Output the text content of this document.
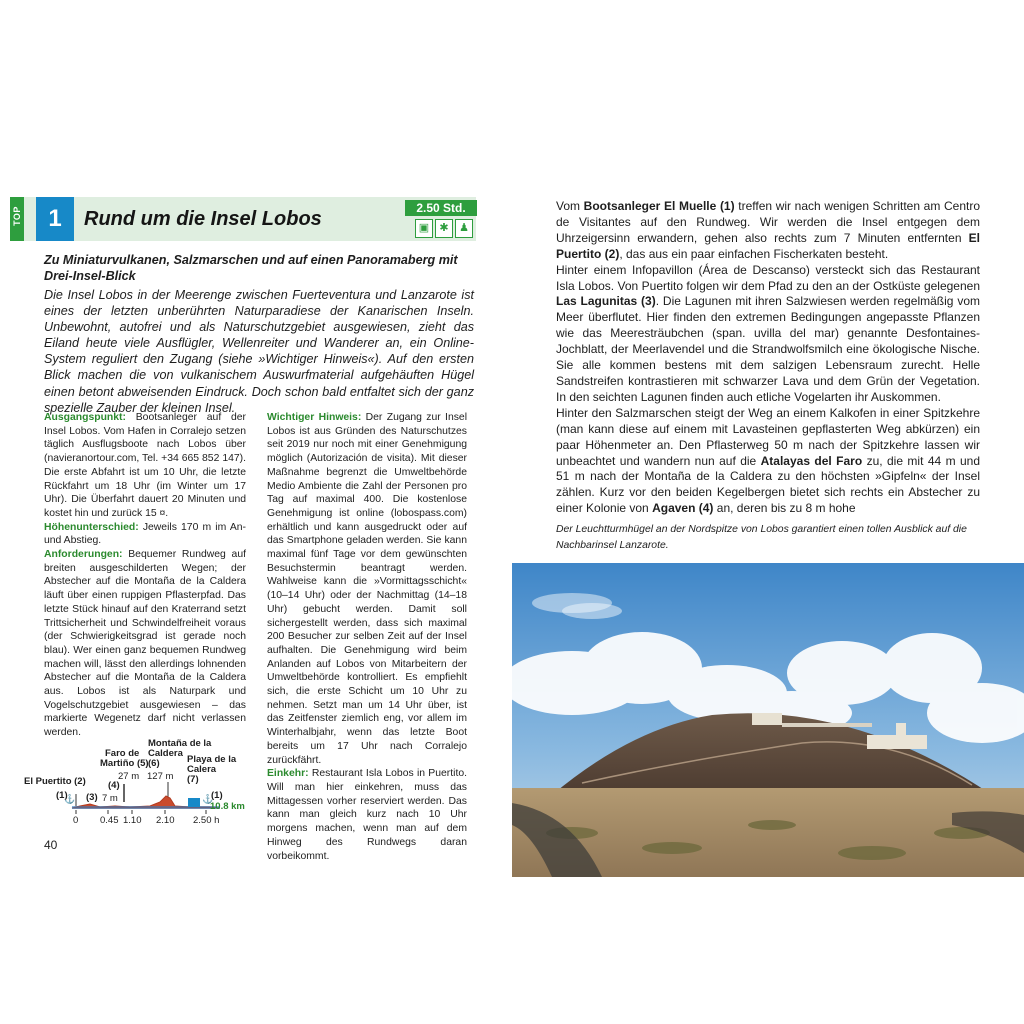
TOP	1	Rund um die Insel Lobos	2.50 Std.
▣ ✱ ♟
Zu Miniaturvulkanen, Salzmarschen und auf einen Panoramaberg mit Drei-Insel-Blick
Die Insel Lobos in der Meerenge zwischen Fuerteventura und Lanzarote ist eines der letzten unberührten Naturparadiese der Kanarischen Inseln. Unbewohnt, autofrei und als Naturschutzgebiet ausgewiesen, zieht das Eiland heute viele Ausflügler, Wellenreiter und Wanderer an, ein Online-System reguliert den Zugang (siehe »Wichtiger Hinweis«). Auf den ersten Blick machen die von vulkanischem Auswurfmaterial aufgehäuften Hügel einen betont abweisenden Eindruck. Doch schon bald entfaltet sich der ganz spezielle Zauber der kleinen Insel.

Ausgangspunkt: Bootsanleger auf der Insel Lobos. Vom Hafen in Corralejo setzen täglich Ausflugsboote nach Lobos über (navieranortour.com, Tel. +34 665 852 147). Die erste Abfahrt ist um 10 Uhr, die letzte Rückfahrt um 18 Uhr (im Winter um 17 Uhr). Die Überfahrt dauert 20 Minuten und kostet hin und zurück 15 ¤.

Höhenunterschied: Jeweils 170 m im An- und Abstieg.

Anforderungen: Bequemer Rundweg auf breiten ausgeschilderten Wegen; der Abstecher auf die Montaña de la Caldera läuft über einen ruppigen Pflasterpfad. Das letzte Stück hinauf auf den Kraterrand setzt Trittsicherheit und Schwindelfreiheit voraus (der Schwierigkeitsgrad ist gerade noch blau). Wer einen ganz bequemen Rundweg machen will, lässt den allerdings lohnenden Abstecher auf die Montaña de la Caldera aus. Lobos ist als Naturpark und Vogelschutzgebiet ausgewiesen – das markierte Wegenetz darf nicht verlassen werden.

Wichtiger Hinweis: Der Zugang zur Insel Lobos ist aus Gründen des Naturschutzes seit 2019 nur noch mit einer Genehmigung möglich (Autorización de visita). Mit dieser Maßnahme begrenzt die Umweltbehörde Medio Ambiente die Zahl der Personen pro Tag auf maximal 400. Die kostenlose Genehmigung ist online (lobospass.com) erhältlich und kann ausgedruckt oder auf das Smartphone geladen werden. Sie kann maximal fünf Tage vor dem gewünschten Besuchstermin beantragt werden. Wahlweise kann die »Vormittagsschicht« (10–14 Uhr) oder der Nachmittag (14–18 Uhr) gebucht werden. Damit soll sichergestellt werden, dass sich maximal 200 Besucher zur selben Zeit auf der Insel aufhalten. Die Genehmigung wird beim Anlanden auf Lobos von Mitarbeitern der Umweltbehörde kontrolliert. Es empfiehlt sich, die erste Schicht um 10 Uhr zu nehmen. Setzt man um 14 Uhr über, ist das Zeitfenster ziemlich eng, vor allem im Winterhalbjahr, wenn das letzte Boot bereits um 17 Uhr nach Corralejo zurückfährt.

Einkehr: Restaurant Isla Lobos in Puertito. Will man hier einkehren, muss das Mittagessen vorher reserviert werden. Das kann man gleich kurz nach 10 Uhr morgens machen, wenn man auf dem Hinweg des Rundwegs daran vorbeikommt.

Montaña de la
Caldera
(6)
Faro de
Martiño (5)	Playa de la
Calera
(7)
(4)
El Puertito (2)
(1) (3)	(1)
7 m
27 m 127 m
⚓	⚓
10.8 km
0 0.45 1.10 2.10 2.50 h
40

Vom Bootsanleger El Muelle (1) treffen wir nach wenigen Schritten am Centro de Visitantes auf den Rundweg. Wir werden die Insel entgegen dem Uhrzeigersinn erwandern, gehen also rechts zum 7 Minuten entfernten El Puertito (2), das aus ein paar einfachen Fischerkaten besteht.

Hinter einem Infopavillon (Área de Descanso) versteckt sich das Restaurant Isla Lobos. Von Puertito folgen wir dem Pfad zu den an der Ostküste gelegenen Las Lagunitas (3). Die Lagunen mit ihren Salzwiesen werden regelmäßig vom Meer überflutet. Hier finden den extremen Bedingungen angepasste Pflanzen wie das Meeresträubchen (span. uvilla del mar) genannte Desfontaines-Jochblatt, der Meerlavendel und die Strandwolfsmilch eine ökologische Nische. Sie alle kommen bestens mit dem salzigen Lebensraum zurecht. Helle Sandstreifen kontrastieren mit schwarzer Lava und dem Grün der Vegetation. In den seichten Lagunen finden auch etliche Vogelarten ihr Auskommen.

Hinter den Salzmarschen steigt der Weg an einem Kalkofen in einer Spitzkehre (man kann diese auf einem mit Lavasteinen gepflasterten Weg abkürzen) ein paar Höhenmeter an. Den Pflasterweg 50 m nach der Spitzkehre lassen wir unbeachtet und wandern nun auf die Atalayas del Faro zu, die mit 44 m und 51 m nach der Montaña de la Caldera zu den höchsten »Gipfeln« der Insel zählen. Kurz vor den beiden Kegelbergen bietet sich rechts ein Abstecher zu einer Kolonie von Agaven (4) an, deren bis zu 8 m hohe

Der Leuchtturmhügel an der Nordspitze von Lobos garantiert einen tollen Ausblick auf die Nachbarinsel Lanzarote.
